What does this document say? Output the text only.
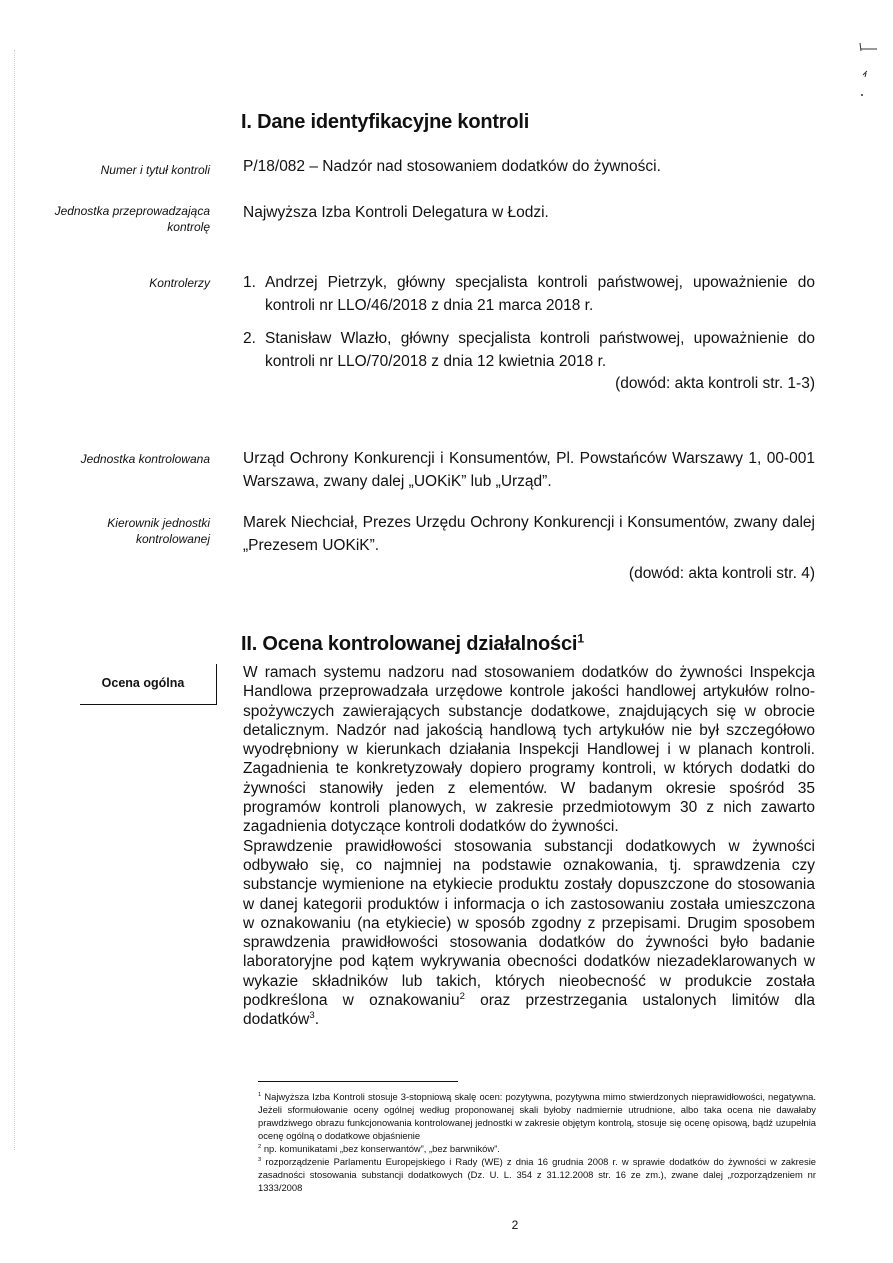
I. Dane identyfikacyjne kontroli
Numer i tytuł kontroli P/18/082 – Nadzór nad stosowaniem dodatków do żywności.
Jednostka przeprowadzająca kontrolę
Najwyższa Izba Kontroli Delegatura w Łodzi.
Kontrolerzy 1. Andrzej Pietrzyk, główny specjalista kontroli państwowej, upoważnienie do kontroli nr LLO/46/2018 z dnia 21 marca 2018 r.
2. Stanisław Wlazło, główny specjalista kontroli państwowej, upoważnienie do kontroli nr LLO/70/2018 z dnia 12 kwietnia 2018 r.
(dowód: akta kontroli str. 1-3)
Jednostka kontrolowana Urząd Ochrony Konkurencji i Konsumentów, Pl. Powstańców Warszawy 1, 00-001 Warszawa, zwany dalej „UOKiK” lub „Urząd”.
Kierownik jednostki kontrolowanej
Marek Niechciał, Prezes Urzędu Ochrony Konkurencji i Konsumentów, zwany dalej „Prezesem UOKiK”.
(dowód: akta kontroli str. 4)
II. Ocena kontrolowanej działalności$^1$
Ocena ogólna

W ramach systemu nadzoru nad stosowaniem dodatków do żywności Inspekcja Handlowa przeprowadzała urzędowe kontrole jakości handlowej artykułów rolno-spożywczych zawierających substancje dodatkowe, znajdujących się w obrocie detalicznym. Nadzór nad jakością handlową tych artykułów nie był szczegółowo wyodrębniony w kierunkach działania Inspekcji Handlowej i w planach kontroli. Zagadnienia te konkretyzowały dopiero programy kontroli, w których dodatki do żywności stanowiły jeden z elementów. W badanym okresie spośród 35 programów kontroli planowych, w zakresie przedmiotowym 30 z nich zawarto zagadnienia dotyczące kontroli dodatków do żywności.

Sprawdzenie prawidłowości stosowania substancji dodatkowych w żywności odbywało się, co najmniej na podstawie oznakowania, tj. sprawdzenia czy substancje wymienione na etykiecie produktu zostały dopuszczone do stosowania w danej kategorii produktów i informacja o ich zastosowaniu została umieszczona w oznakowaniu (na etykiecie) w sposób zgodny z przepisami. Drugim sposobem sprawdzenia prawidłowości stosowania dodatków do żywności było badanie laboratoryjne pod kątem wykrywania obecności dodatków niezadeklarowanych w wykazie składników lub takich, których nieobecność w produkcie została podkreślona w oznakowaniu$^2$ oraz przestrzegania ustalonych limitów dla dodatków$^3$.

$^1$ Najwyższa Izba Kontroli stosuje 3-stopniową skalę ocen: pozytywna, pozytywna mimo stwierdzonych nieprawidłowości, negatywna. Jeżeli sformułowanie oceny ogólnej według proponowanej skali byłoby nadmiernie utrudnione, albo taka ocena nie dawałaby prawdziwego obrazu funkcjonowania kontrolowanej jednostki w zakresie objętym kontrolą, stosuje się ocenę opisową, bądź uzupełnia ocenę ogólną o dodatkowe objaśnienie

$^2$ np. komunikatami „bez konserwantów”, „bez barwników”.

$^3$ rozporządzenie Parlamentu Europejskiego i Rady (WE) z dnia 16 grudnia 2008 r. w sprawie dodatków do żywności w zakresie zasadności stosowania substancji dodatkowych (Dz. U. L. 354 z 31.12.2008 str. 16 ze zm.), zwane dalej „rozporządzeniem nr 1333/2008

2
